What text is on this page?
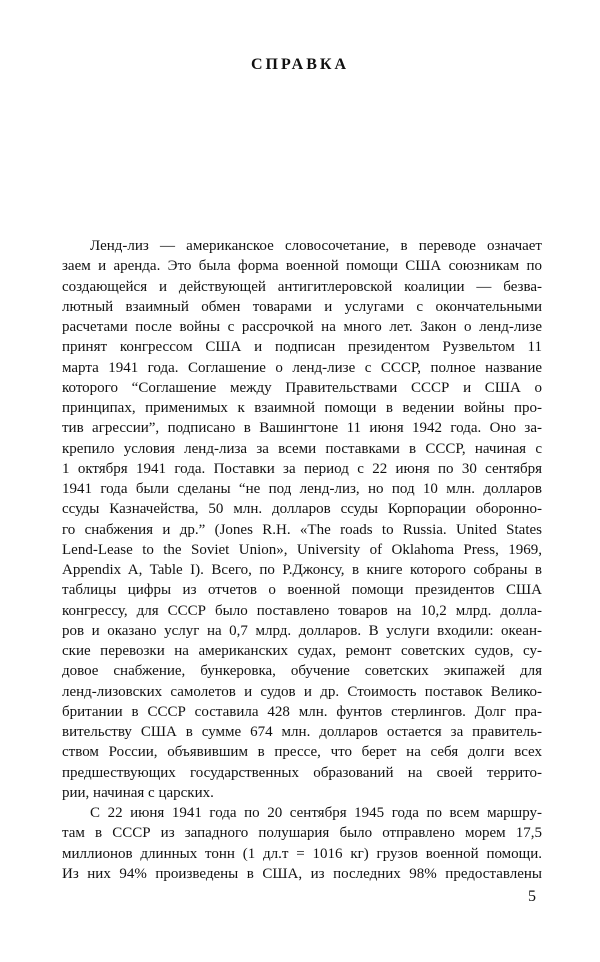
СПРАВКА
Ленд-лиз — американское словосочетание, в переводе означает
заем и аренда. Это была форма военной помощи США союзникам по
создающейся и действующей антигитлеровской коалиции — безва-
лютный взаимный обмен товарами и услугами с окончательными
расчетами после войны с рассрочкой на много лет. Закон о ленд-лизе
принят конгрессом США и подписан президентом Рузвельтом 11
марта 1941 года. Соглашение о ленд-лизе с СССР, полное название
которого “Соглашение между Правительствами СССР и США о
принципах, применимых к взаимной помощи в ведении войны про-
тив агрессии”, подписано в Вашингтоне 11 июня 1942 года. Оно за-
крепило условия ленд-лиза за всеми поставками в СССР, начиная с
1 октября 1941 года. Поставки за период с 22 июня по 30 сентября
1941 года были сделаны “не под ленд-лиз, но под 10 млн. долларов
ссуды Казначейства, 50 млн. долларов ссуды Корпорации оборонно-
го снабжения и др.” (Jones R.H. «The roads to Russia. United States
Lend-Lease to the Soviet Union», University of Oklahoma Press, 1969,
Appendix A, Table I). Всего, по Р.Джонсу, в книге которого собраны в
таблицы цифры из отчетов о военной помощи президентов США
конгрессу, для СССР было поставлено товаров на 10,2 млрд. долла-
ров и оказано услуг на 0,7 млрд. долларов. В услуги входили: океан-
ские перевозки на американских судах, ремонт советских судов, су-
довое снабжение, бункеровка, обучение советских экипажей для
ленд-лизовских самолетов и судов и др. Стоимость поставок Велико-
британии в СССР составила 428 млн. фунтов стерлингов. Долг пра-
вительству США в сумме 674 млн. долларов остается за правитель-
ством России, объявившим в прессе, что берет на себя долги всех
предшествующих государственных образований на своей террито-
рии, начиная с царских.
С 22 июня 1941 года по 20 сентября 1945 года по всем маршру-
там в СССР из западного полушария было отправлено морем 17,5
миллионов длинных тонн (1 дл.т = 1016 кг) грузов военной помощи.
Из них 94% произведены в США, из последних 98% предоставлены
5
